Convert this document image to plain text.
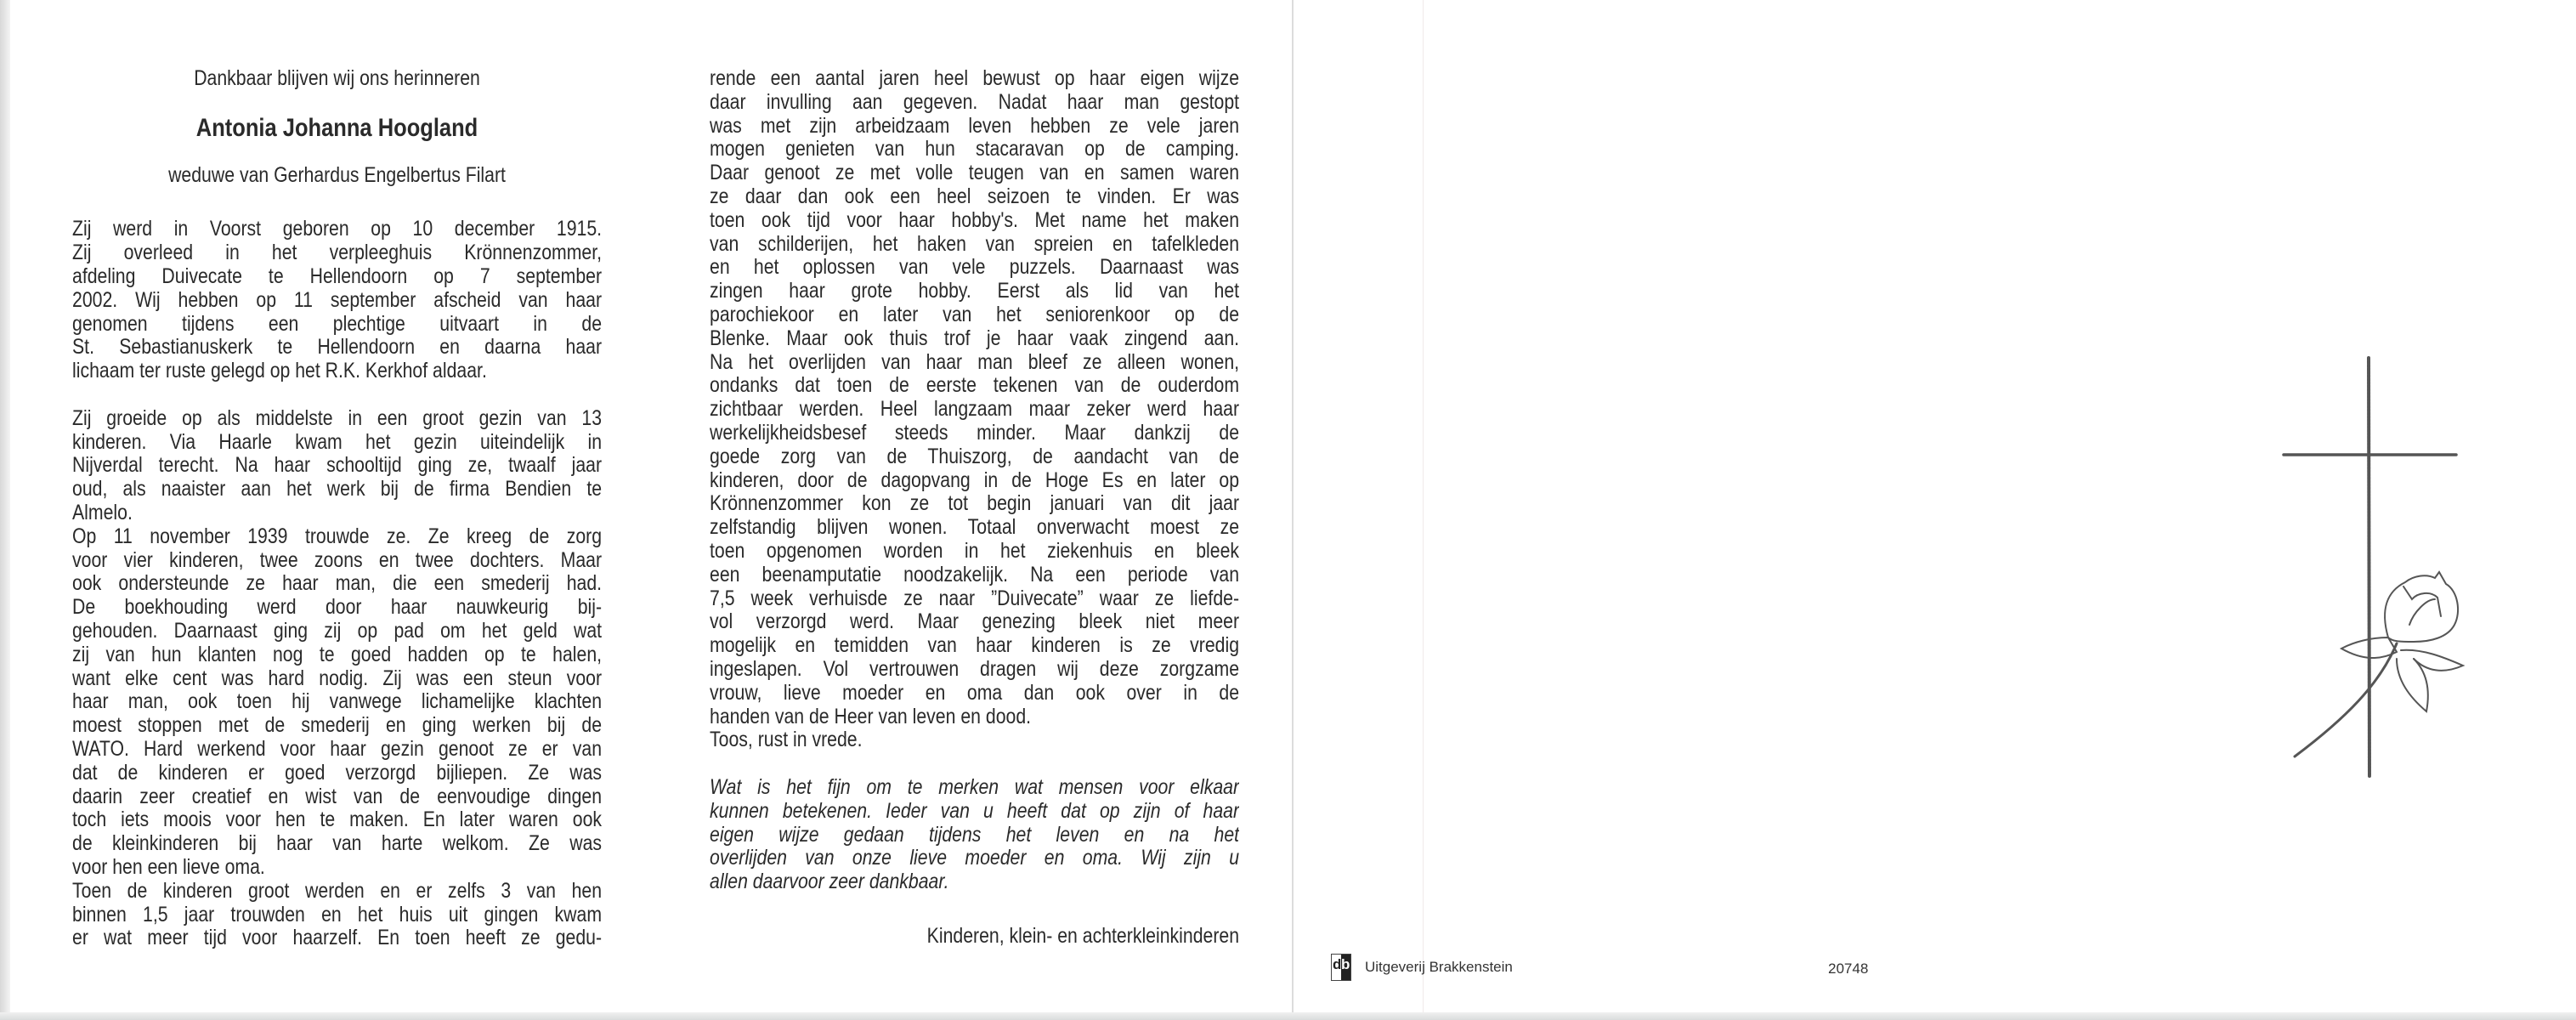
Dankbaar blijven wij ons herinneren
Antonia Johanna Hoogland
weduwe van Gerhardus Engelbertus Filart
Zij werd in Voorst geboren op 10 december 1915.
Zij overleed in het verpleeghuis Krönnenzommer,
afdeling Duivecate te Hellendoorn op 7 september
2002. Wij hebben op 11 september afscheid van haar
genomen tijdens een plechtige uitvaart in de
St. Sebastianuskerk te Hellendoorn en daarna haar
lichaam ter ruste gelegd op het R.K. Kerkhof aldaar.
Zij groeide op als middelste in een groot gezin van 13
kinderen. Via Haarle kwam het gezin uiteindelijk in
Nijverdal terecht. Na haar schooltijd ging ze, twaalf jaar
oud, als naaister aan het werk bij de firma Bendien te
Almelo.
Op 11 november 1939 trouwde ze. Ze kreeg de zorg
voor vier kinderen, twee zoons en twee dochters. Maar
ook ondersteunde ze haar man, die een smederij had.
De boekhouding werd door haar nauwkeurig bij-
gehouden. Daarnaast ging zij op pad om het geld wat
zij van hun klanten nog te goed hadden op te halen,
want elke cent was hard nodig. Zij was een steun voor
haar man, ook toen hij vanwege lichamelijke klachten
moest stoppen met de smederij en ging werken bij de
WATO. Hard werkend voor haar gezin genoot ze er van
dat de kinderen er goed verzorgd bijliepen. Ze was
daarin zeer creatief en wist van de eenvoudige dingen
toch iets moois voor hen te maken. En later waren ook
de kleinkinderen bij haar van harte welkom. Ze was
voor hen een lieve oma.
Toen de kinderen groot werden en er zelfs 3 van hen
binnen 1,5 jaar trouwden en het huis uit gingen kwam
er wat meer tijd voor haarzelf. En toen heeft ze gedu-
rende een aantal jaren heel bewust op haar eigen wijze
daar invulling aan gegeven. Nadat haar man gestopt
was met zijn arbeidzaam leven hebben ze vele jaren
mogen genieten van hun stacaravan op de camping.
Daar genoot ze met volle teugen van en samen waren
ze daar dan ook een heel seizoen te vinden. Er was
toen ook tijd voor haar hobby's. Met name het maken
van schilderijen, het haken van spreien en tafelkleden
en het oplossen van vele puzzels. Daarnaast was
zingen haar grote hobby. Eerst als lid van het
parochiekoor en later van het seniorenkoor op de
Blenke. Maar ook thuis trof je haar vaak zingend aan.
Na het overlijden van haar man bleef ze alleen wonen,
ondanks dat toen de eerste tekenen van de ouderdom
zichtbaar werden. Heel langzaam maar zeker werd haar
werkelijkheidsbesef steeds minder. Maar dankzij de
goede zorg van de Thuiszorg, de aandacht van de
kinderen, door de dagopvang in de Hoge Es en later op
Krönnenzommer kon ze tot begin januari van dit jaar
zelfstandig blijven wonen. Totaal onverwacht moest ze
toen opgenomen worden in het ziekenhuis en bleek
een beenamputatie noodzakelijk. Na een periode van
7,5 week verhuisde ze naar ”Duivecate” waar ze liefde-
vol verzorgd werd. Maar genezing bleek niet meer
mogelijk en temidden van haar kinderen is ze vredig
ingeslapen. Vol vertrouwen dragen wij deze zorgzame
vrouw, lieve moeder en oma dan ook over in de
handen van de Heer van leven en dood.
Toos, rust in vrede.
Wat is het fijn om te merken wat mensen voor elkaar
kunnen betekenen. Ieder van u heeft dat op zijn of haar
eigen wijze gedaan tijdens het leven en na het
overlijden van onze lieve moeder en oma. Wij zijn u
allen daarvoor zeer dankbaar.
Kinderen, klein- en achterkleinkinderen
d b Uitgeverij Brakkenstein	20748
